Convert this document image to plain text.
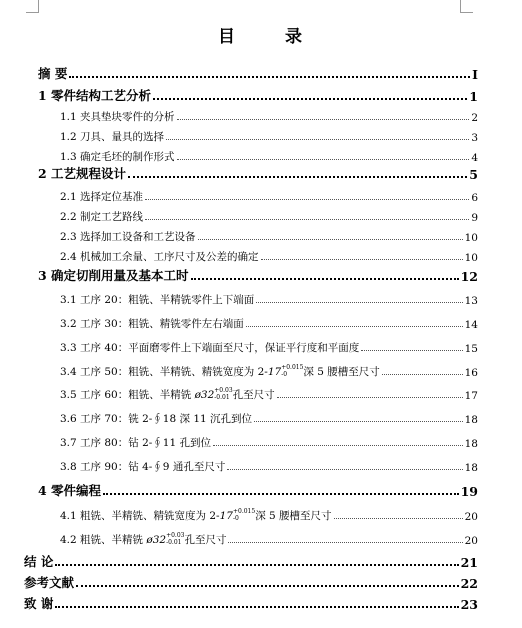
目 录
摘 要	I
1 零件结构工艺分析	1
1.1 夹具垫块零件的分析	2
1.2 刀具、量具的选择	3
1.3 确定毛坯的制作形式	4
2 工艺规程设计	5
2.1 选择定位基准	6
2.2 制定工艺路线	9
2.3 选择加工设备和工艺设备	10
2.4 机械加工余量、工序尺寸及公差的确定	10
3 确定切削用量及基本工时	12
3.1 工序 20：粗铣、半精铣零件上下端面	13
3.2 工序 30：粗铣、精铣零件左右端面	14
3.3 工序 40：平面磨零件上下端面至尺寸，保证平行度和平面度	15
3.4 工序 50：粗铣、半精铣、精铣宽度为 2-17+0.015
-0 深 5 腰槽至尺寸	16
3.5 工序 60：粗铣、半精铣 ø32+0.03
-0.01 孔至尺寸	17
3.6 工序 70：铣 2-∮18 深 11 沉孔到位	18
3.7 工序 80：钻 2-∮11 孔到位	18
3.8 工序 90：钻 4-∮9 通孔至尺寸	18
4 零件编程	19
4.1 粗铣、半精铣、精铣宽度为 2-17+0.015
-0 深 5 腰槽至尺寸	20
4.2 粗铣、半精铣 ø32+0.03
-0.01 孔至尺寸	20
结 论	21
参考文献	22
致 谢	23
